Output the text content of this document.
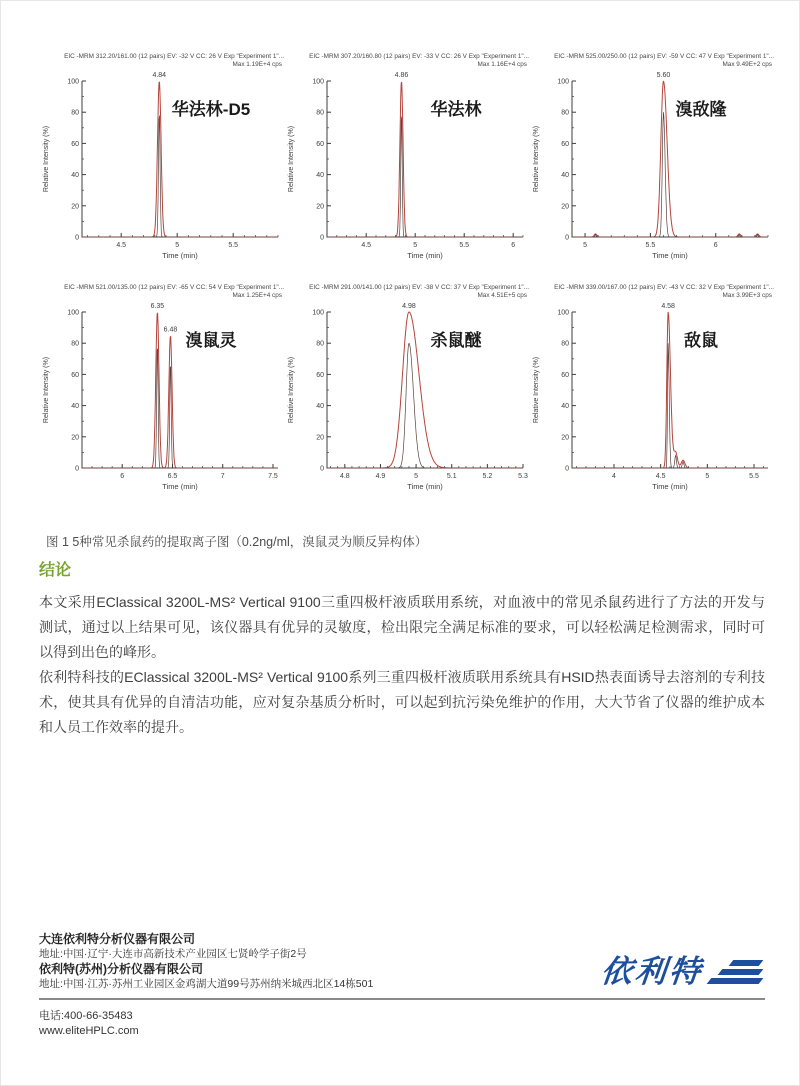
EIC -MRM 312.20/161.00 (12 pairs) EV: -32 V CC: 26 V Exp "Experiment 1"...
Max 1.19E+4 cps
0
20
40
60
80
100
4.5	5	5.5
Time (min)
Relative Intensity (%)
4.84
华法林-D5
EIC -MRM 307.20/160.80 (12 pairs) EV: -33 V CC: 26 V Exp "Experiment 1"...
Max 1.16E+4 cps
0
20
40
60
80
100
4.5	5	5.5	6
Time (min)
Relative Intensity (%)
4.86
华法林
EIC -MRM 525.00/250.00 (12 pairs) EV: -59 V CC: 47 V Exp "Experiment 1"...
Max 9.49E+2 cps
0
20
40
60
80
100
5	5.5	6
Time (min)
Relative Intensity (%)
5.60
溴敌隆
EIC -MRM 521.00/135.00 (12 pairs) EV: -65 V CC: 54 V Exp "Experiment 1"...
Max 1.25E+4 cps
0
20
40
60
80
100
6	6.5	7	7.5
Time (min)
Relative Intensity (%)
6.35
6.48
溴鼠灵
EIC -MRM 291.00/141.00 (12 pairs) EV: -38 V CC: 37 V Exp "Experiment 1"...
Max 4.51E+5 cps
0
20
40
60
80
100
4.8	4.9	5	5.1	5.2	5.3
Time (min)
Relative Intensity (%)
4.98
杀鼠醚
EIC -MRM 339.00/167.00 (12 pairs) EV: -43 V CC: 32 V Exp "Experiment 1"...
Max 3.99E+3 cps
0
20
40
60
80
100
4	4.5	5	5.5
Time (min)
Relative Intensity (%)
4.58
敌鼠
图 1 5种常见杀鼠药的提取离子图（0.2ng/ml，溴鼠灵为顺反异构体）
结论

本文采用EClassical 3200L-MS² Vertical 9100三重四极杆液质联用系统，对血液中的常见杀鼠药进行了方法的开发与测试，通过以上结果可见，该仪器具有优异的灵敏度，检出限完全满足标准的要求，可以轻松满足检测需求，同时可以得到出色的峰形。

依利特科技的EClassical 3200L-MS² Vertical 9100系列三重四极杆液质联用系统具有HSID热表面诱导去溶剂的专利技术，使其具有优异的自清洁功能，应对复杂基质分析时，可以起到抗污染免维护的作用，大大节省了仪器的维护成本和人员工作效率的提升。

大连依利特分析仪器有限公司
地址:中国·辽宁·大连市高新技术产业园区七贤岭学子街2号
依利特(苏州)分析仪器有限公司
地址:中国·江苏·苏州工业园区金鸡湖大道99号苏州纳米城西北区14栋501	依利特
电话:400-66-35483
www.eliteHPLC.com
